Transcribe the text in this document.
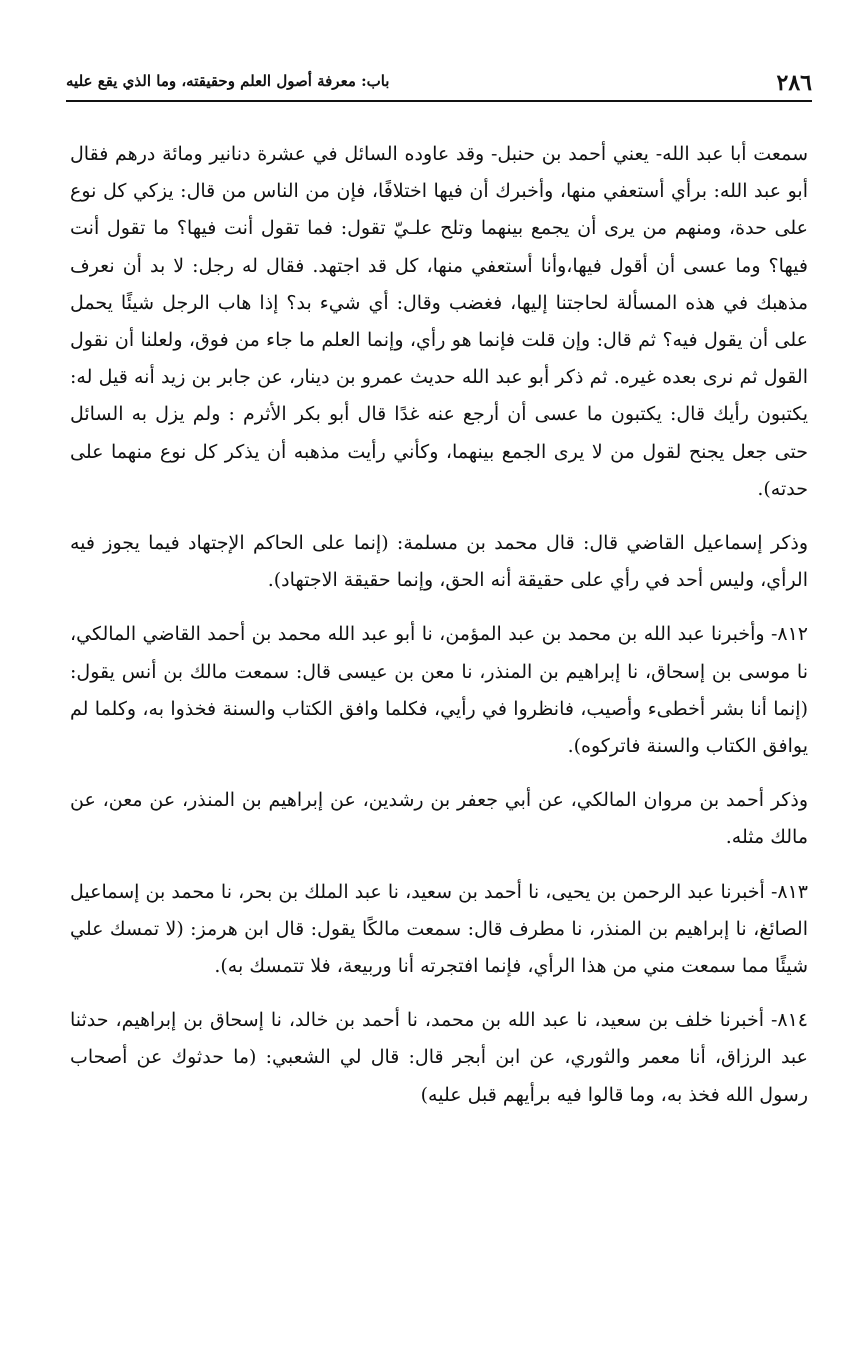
٢٨٦
باب: معرفة أصول العلم وحقيقته، وما الذي يقع عليه

سمعت أبا عبد الله- يعني أحمد بن حنبل- وقد عاوده السائل في عشرة دنانير ومائة درهم فقال أبو عبد الله: برأي أستعفي منها، وأخبرك أن فيها اختلافًا، فإن من الناس من قال: يزكي كل نوع على حدة، ومنهم من يرى أن يجمع بينهما وتلح علـيّ تقول: فما تقول أنت فيها؟ ما تقول أنت فيها؟ وما عسى أن أقول فيها،وأنا أستعفي منها، كل قد اجتهد. فقال له رجل: لا بد أن نعرف مذهبك في هذه المسألة لحاجتنا إليها، فغضب وقال: أي شيء بد؟ إذا هاب الرجل شيئًا يحمل على أن يقول فيه؟ ثم قال: وإن قلت فإنما هو رأي، وإنما العلم ما جاء من فوق، ولعلنا أن نقول القول ثم نرى بعده غيره. ثم ذكر أبو عبد الله حديث عمرو بن دينار، عن جابر بن زيد أنه قيل له: يكتبون رأيك قال: يكتبون ما عسى أن أرجع عنه غدًا قال أبو بكر الأثرم : ولم يزل به السائل حتى جعل يجنح لقول من لا يرى الجمع بينهما، وكأني رأيت مذهبه أن يذكر كل نوع منهما على حدته).

وذكر إسماعيل القاضي قال: قال محمد بن مسلمة: (إنما على الحاكم الإجتهاد فيما يجوز فيه الرأي، وليس أحد في رأي على حقيقة أنه الحق، وإنما حقيقة الاجتهاد).

٨١٢- وأخبرنا عبد الله بن محمد بن عبد المؤمن، نا أبو عبد الله محمد بن أحمد القاضي المالكي، نا موسى بن إسحاق، نا إبراهيم بن المنذر، نا معن بن عيسى قال: سمعت مالك بن أنس يقول: (إنما أنا بشر أخطىء وأصيب، فانظروا في رأيي، فكلما وافق الكتاب والسنة فخذوا به، وكلما لم يوافق الكتاب والسنة فاتركوه).

وذكر أحمد بن مروان المالكي، عن أبي جعفر بن رشدين، عن إبراهيم بن المنذر، عن معن، عن مالك مثله.

٨١٣- أخبرنا عبد الرحمن بن يحيى، نا أحمد بن سعيد، نا عبد الملك بن بحر، نا محمد بن إسماعيل الصائغ، نا إبراهيم بن المنذر، نا مطرف قال: سمعت مالكًا يقول: قال ابن هرمز: (لا تمسك علي شيئًا مما سمعت مني من هذا الرأي، فإنما افتجرته أنا وربيعة، فلا تتمسك به).

٨١٤- أخبرنا خلف بن سعيد، نا عبد الله بن محمد، نا أحمد بن خالد، نا إسحاق بن إبراهيم، حدثنا عبد الرزاق، أنا معمر والثوري، عن ابن أبجر قال: قال لي الشعبي: (ما حدثوك عن أصحاب رسول الله فخذ به، وما قالوا فيه برأيهم قبل عليه)
